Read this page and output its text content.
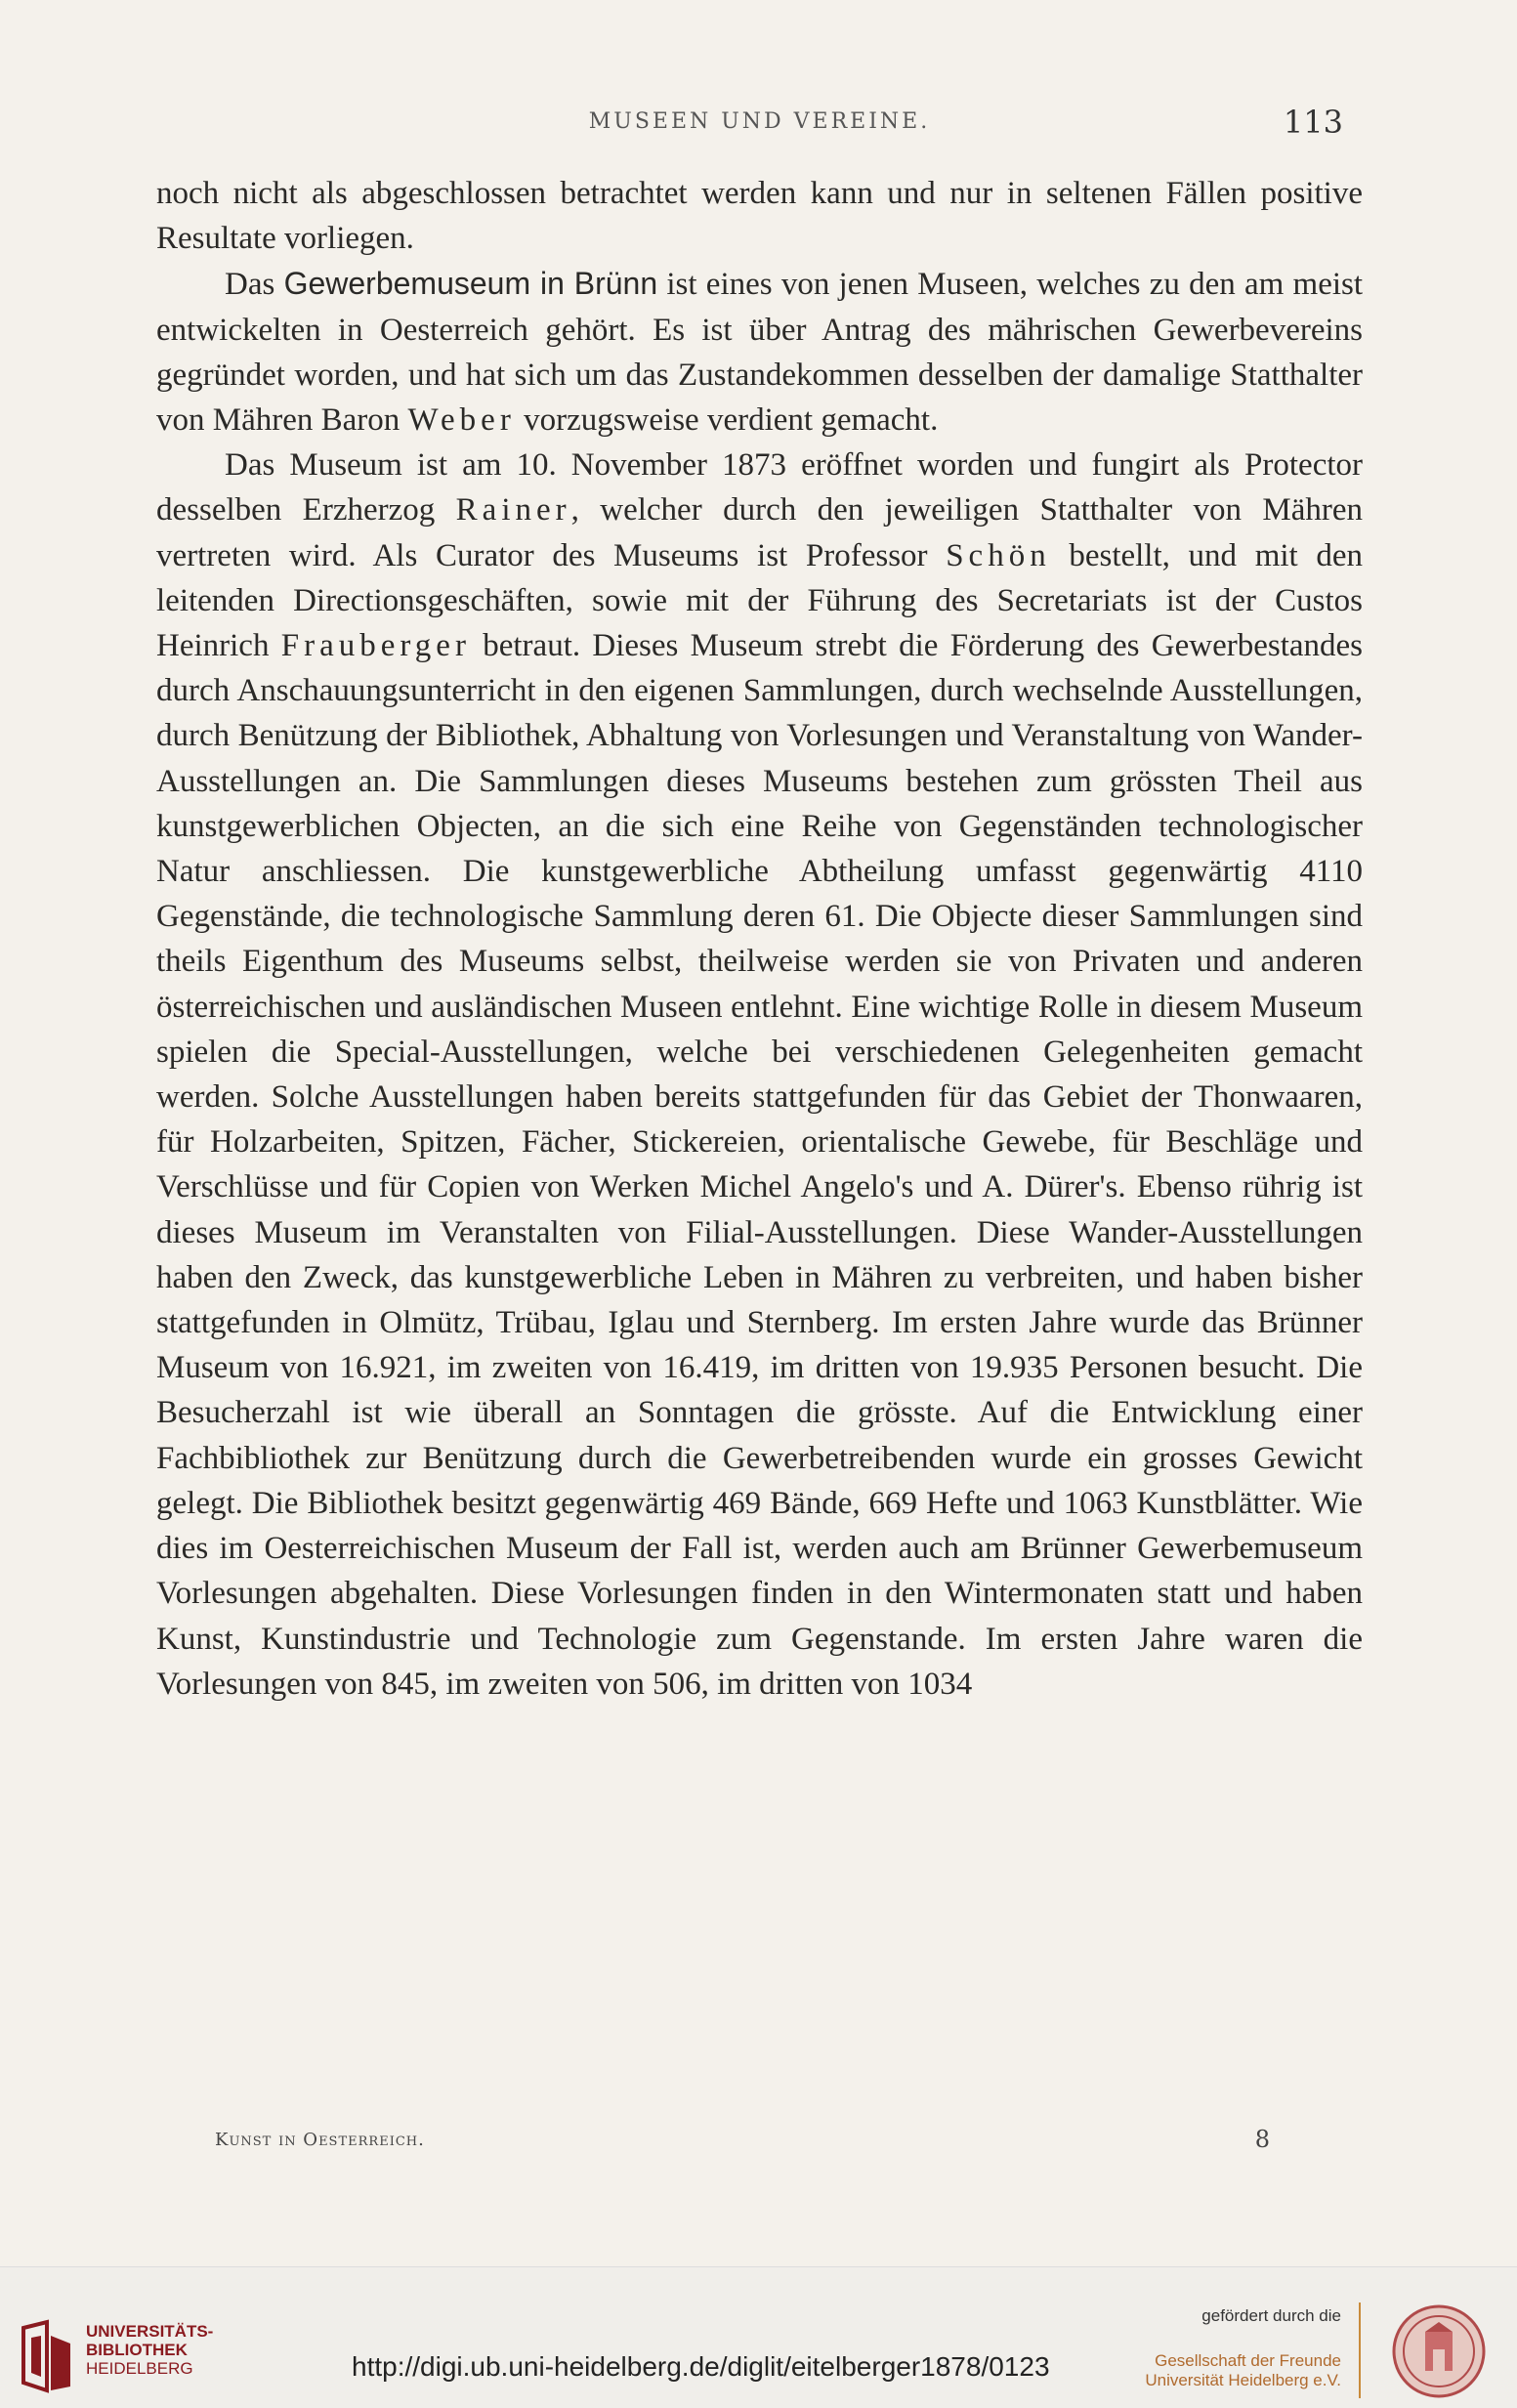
MUSEEN UND VEREINE.	113

noch nicht als abgeschlossen betrachtet werden kann und nur in seltenen Fällen positive Resultate vorliegen.

Das Gewerbemuseum in Brünn ist eines von jenen Museen, welches zu den am meist entwickelten in Oesterreich gehört. Es ist über Antrag des mährischen Gewerbevereins gegründet worden, und hat sich um das Zustandekommen desselben der damalige Statthalter von Mähren Baron Weber vorzugsweise verdient gemacht.

Das Museum ist am 10. November 1873 eröffnet worden und fungirt als Protector desselben Erzherzog Rainer, welcher durch den jeweiligen Statthalter von Mähren vertreten wird. Als Curator des Museums ist Professor Schön bestellt, und mit den leitenden Directionsgeschäften, sowie mit der Führung des Secretariats ist der Custos Heinrich Frauberger betraut. Dieses Museum strebt die Förderung des Gewerbestandes durch Anschauungsunterricht in den eigenen Sammlungen, durch wechselnde Ausstellungen, durch Benützung der Bibliothek, Abhaltung von Vorlesungen und Veranstaltung von Wander-Ausstellungen an. Die Sammlungen dieses Museums bestehen zum grössten Theil aus kunstgewerblichen Objecten, an die sich eine Reihe von Gegenständen technologischer Natur anschliessen. Die kunstgewerbliche Abtheilung umfasst gegenwärtig 4110 Gegenstände, die technologische Sammlung deren 61. Die Objecte dieser Sammlungen sind theils Eigenthum des Museums selbst, theilweise werden sie von Privaten und anderen österreichischen und ausländischen Museen entlehnt. Eine wichtige Rolle in diesem Museum spielen die Special-Ausstellungen, welche bei verschiedenen Gelegenheiten gemacht werden. Solche Ausstellungen haben bereits stattgefunden für das Gebiet der Thonwaaren, für Holzarbeiten, Spitzen, Fächer, Stickereien, orientalische Gewebe, für Beschläge und Verschlüsse und für Copien von Werken Michel Angelo's und A. Dürer's. Ebenso rührig ist dieses Museum im Veranstalten von Filial-Ausstellungen. Diese Wander-Ausstellungen haben den Zweck, das kunstgewerbliche Leben in Mähren zu verbreiten, und haben bisher stattgefunden in Olmütz, Trübau, Iglau und Sternberg. Im ersten Jahre wurde das Brünner Museum von 16.921, im zweiten von 16.419, im dritten von 19.935 Personen besucht. Die Besucherzahl ist wie überall an Sonntagen die grösste. Auf die Entwicklung einer Fachbibliothek zur Benützung durch die Gewerbetreibenden wurde ein grosses Gewicht gelegt. Die Bibliothek besitzt gegenwärtig 469 Bände, 669 Hefte und 1063 Kunstblätter. Wie dies im Oesterreichischen Museum der Fall ist, werden auch am Brünner Gewerbemuseum Vorlesungen abgehalten. Diese Vorlesungen finden in den Wintermonaten statt und haben Kunst, Kunstindustrie und Technologie zum Gegenstande. Im ersten Jahre waren die Vorlesungen von 845, im zweiten von 506, im dritten von 1034

Kunst in Oesterreich.	8
UNIVERSITÄTS-
BIBLIOTHEK
HEIDELBERG	http://digi.ub.uni-heidelberg.de/diglit/eitelberger1878/0123
gefördert durch die
Gesellschaft der Freunde
Universität Heidelberg e.V.
